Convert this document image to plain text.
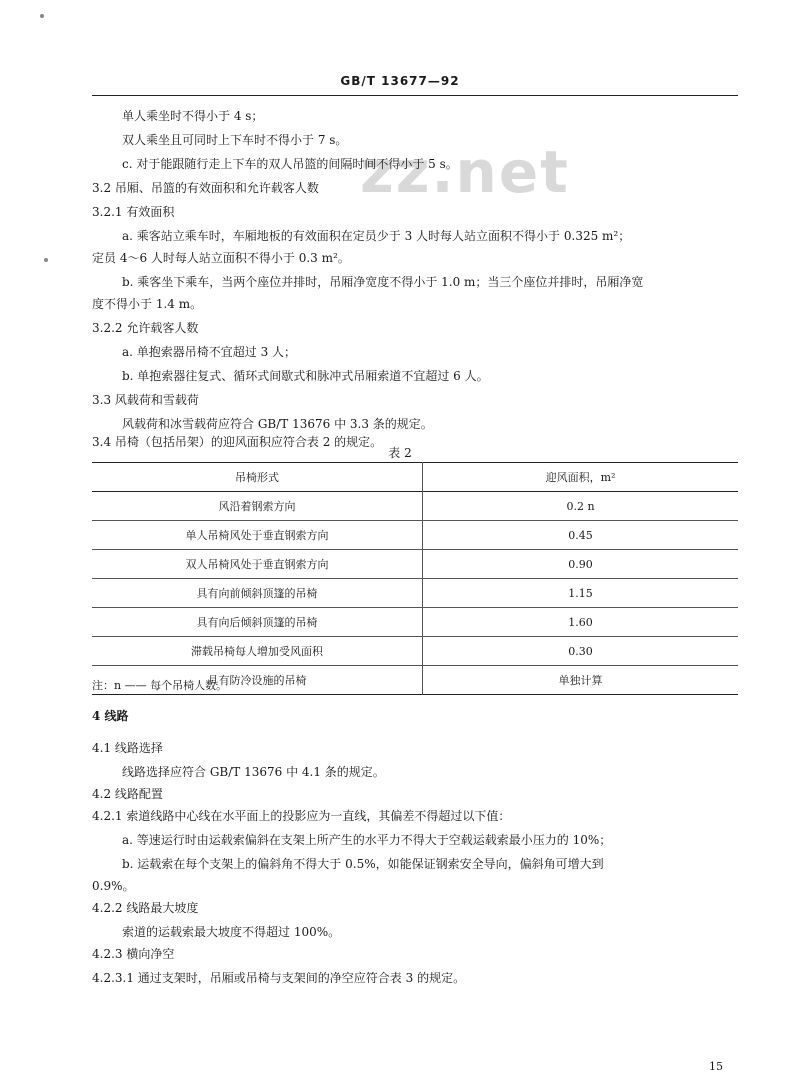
GB/T 13677—92
zz.net
单人乘坐时不得小于 4 s；
双人乘坐且可同时上下车时不得小于 7 s。
c. 对于能跟随行走上下车的双人吊篮的间隔时间不得小于 5 s。
3.2 吊厢、吊篮的有效面积和允许载客人数
3.2.1 有效面积
a. 乘客站立乘车时，车厢地板的有效面积在定员少于 3 人时每人站立面积不得小于 0.325 m²；
定员 4～6 人时每人站立面积不得小于 0.3 m²。
b. 乘客坐下乘车，当两个座位并排时，吊厢净宽度不得小于 1.0 m；当三个座位并排时，吊厢净宽
度不得小于 1.4 m。
3.2.2 允许载客人数
a. 单抱索器吊椅不宜超过 3 人；
b. 单抱索器往复式、循环式间歇式和脉冲式吊厢索道不宜超过 6 人。
3.3 风载荷和雪载荷
风载荷和冰雪载荷应符合 GB/T 13676 中 3.3 条的规定。
3.4 吊椅（包括吊架）的迎风面积应符合表 2 的规定。
表 2
吊椅形式	迎风面积，m²
风沿着钢索方向	0.2 n
单人吊椅风处于垂直钢索方向	0.45
双人吊椅风处于垂直钢索方向	0.90
具有向前倾斜顶篷的吊椅	1.15
具有向后倾斜顶篷的吊椅	1.60
滞载吊椅每人增加受风面积	0.30
具有防冷设施的吊椅	单独计算
注：n —— 每个吊椅人数。
4 线路
4.1 线路选择
线路选择应符合 GB/T 13676 中 4.1 条的规定。
4.2 线路配置
4.2.1 索道线路中心线在水平面上的投影应为一直线，其偏差不得超过以下值：
a. 等速运行时由运载索偏斜在支架上所产生的水平力不得大于空载运载索最小压力的 10%；
b. 运载索在每个支架上的偏斜角不得大于 0.5%，如能保证钢索安全导向，偏斜角可增大到
0.9%。
4.2.2 线路最大坡度
索道的运载索最大坡度不得超过 100%。
4.2.3 横向净空
4.2.3.1 通过支架时，吊厢或吊椅与支架间的净空应符合表 3 的规定。
15
